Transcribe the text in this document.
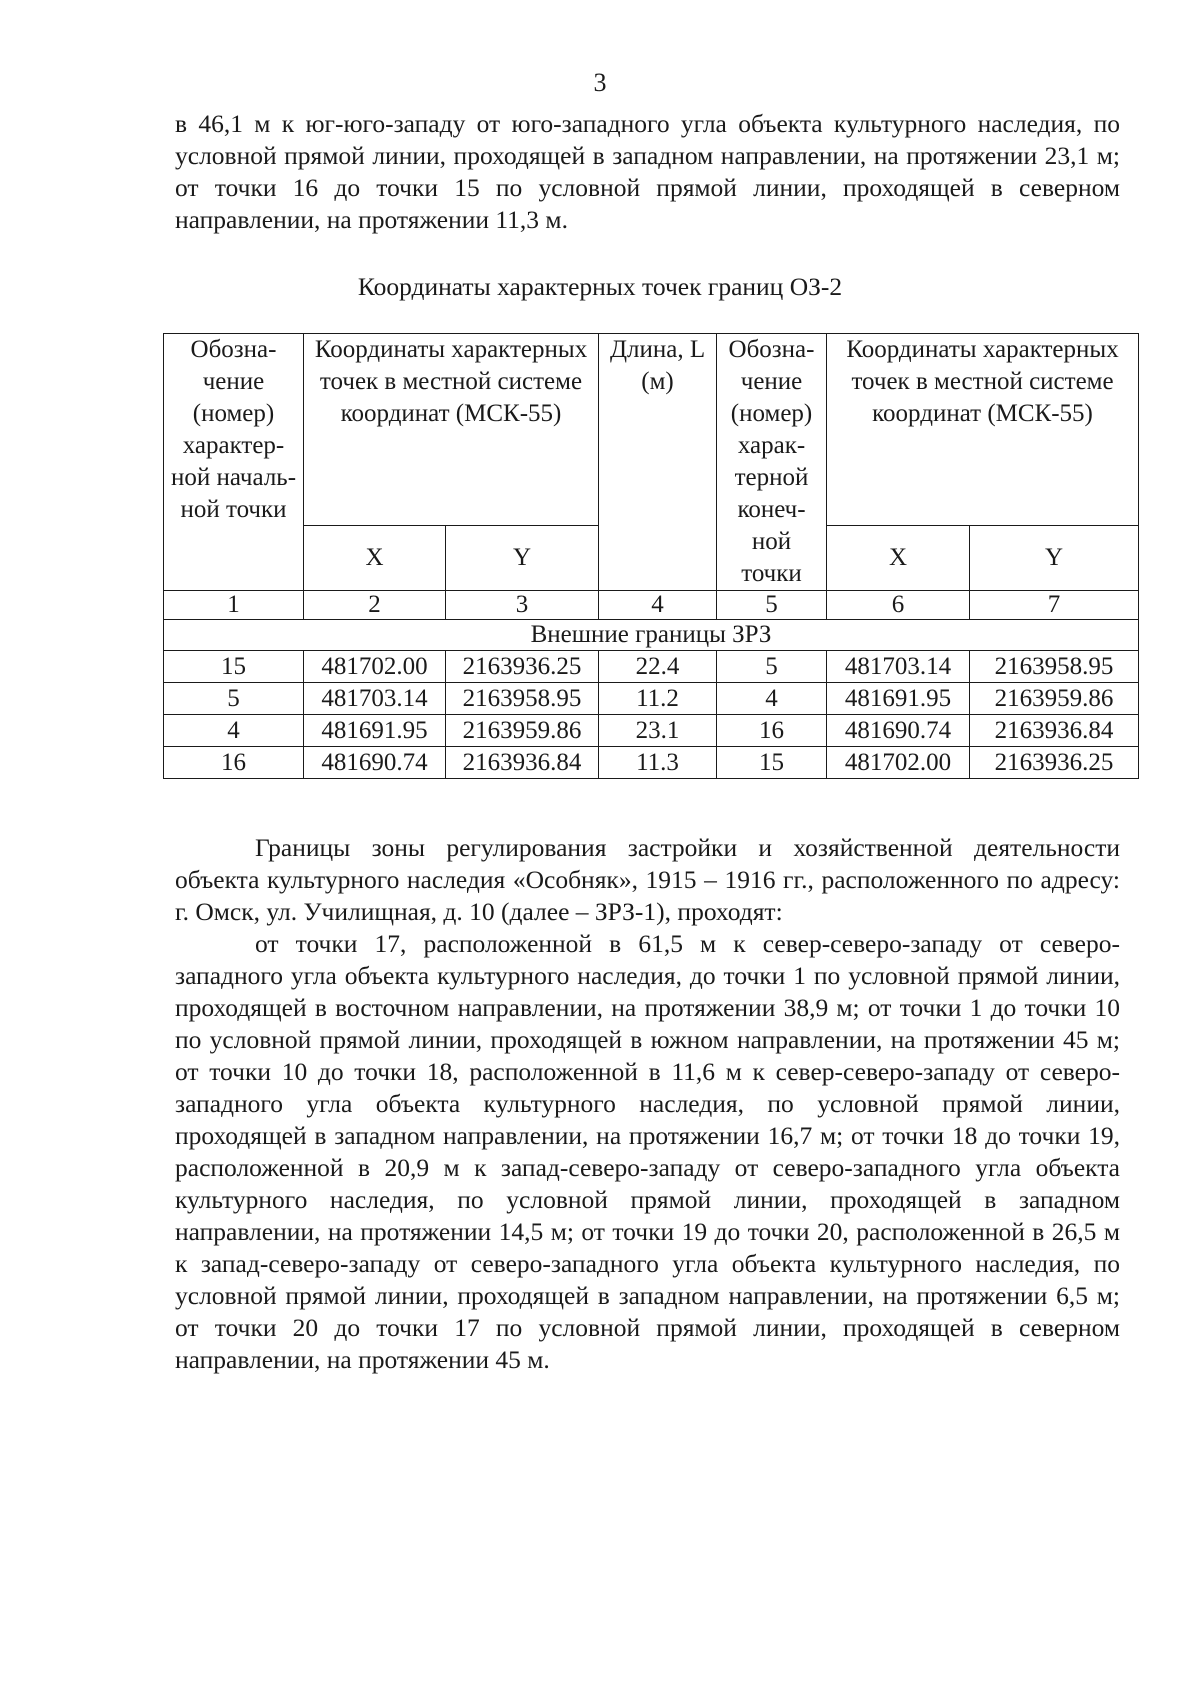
3

в 46,1 м к юг-юго-западу от юго-западного угла объекта культурного наследия, по условной прямой линии, проходящей в западном направлении, на протяжении 23,1 м; от точки 16 до точки 15 по условной прямой линии, проходящей в северном направлении, на протяжении 11,3 м.

Координаты характерных точек границ ОЗ-2
Обозна-чение (номер) характер-ной началь-ной точки	Координаты характерных точек в местной системе координат (МСК-55)		Длина, L (м)	Обозна-чение (номер) харак-терной конеч-ной точки	Координаты характерных точек в местной системе координат (МСК-55)	

	X	Y			X	Y
1	2	3	4	5	6	7
Внешние границы ЗРЗ						
15	481702.00	2163936.25	22.4	5	481703.14	2163958.95
5	481703.14	2163958.95	11.2	4	481691.95	2163959.86
4	481691.95	2163959.86	23.1	16	481690.74	2163936.84
16	481690.74	2163936.84	11.3	15	481702.00	2163936.25

Границы зоны регулирования застройки и хозяйственной деятельности объекта культурного наследия «Особняк», 1915 – 1916 гг., расположенного по адресу: г. Омск, ул. Училищная, д. 10 (далее – ЗРЗ-1), проходят:

от точки 17, расположенной в 61,5 м к север-северо-западу от северо-западного угла объекта культурного наследия, до точки 1 по условной прямой линии, проходящей в восточном направлении, на протяжении 38,9 м; от точки 1 до точки 10 по условной прямой линии, проходящей в южном направлении, на протяжении 45 м; от точки 10 до точки 18, расположенной в 11,6 м к север-северо-западу от северо-западного угла объекта культурного наследия, по условной прямой линии, проходящей в западном направлении, на протяжении 16,7 м; от точки 18 до точки 19, расположенной в 20,9 м к запад-северо-западу от северо-западного угла объекта культурного наследия, по условной прямой линии, проходящей в западном направлении, на протяжении 14,5 м; от точки 19 до точки 20, расположенной в 26,5 м к запад-северо-западу от северо-западного угла объекта культурного наследия, по условной прямой линии, проходящей в западном направлении, на протяжении 6,5 м; от точки 20 до точки 17 по условной прямой линии, проходящей в северном направлении, на протяжении 45 м.
